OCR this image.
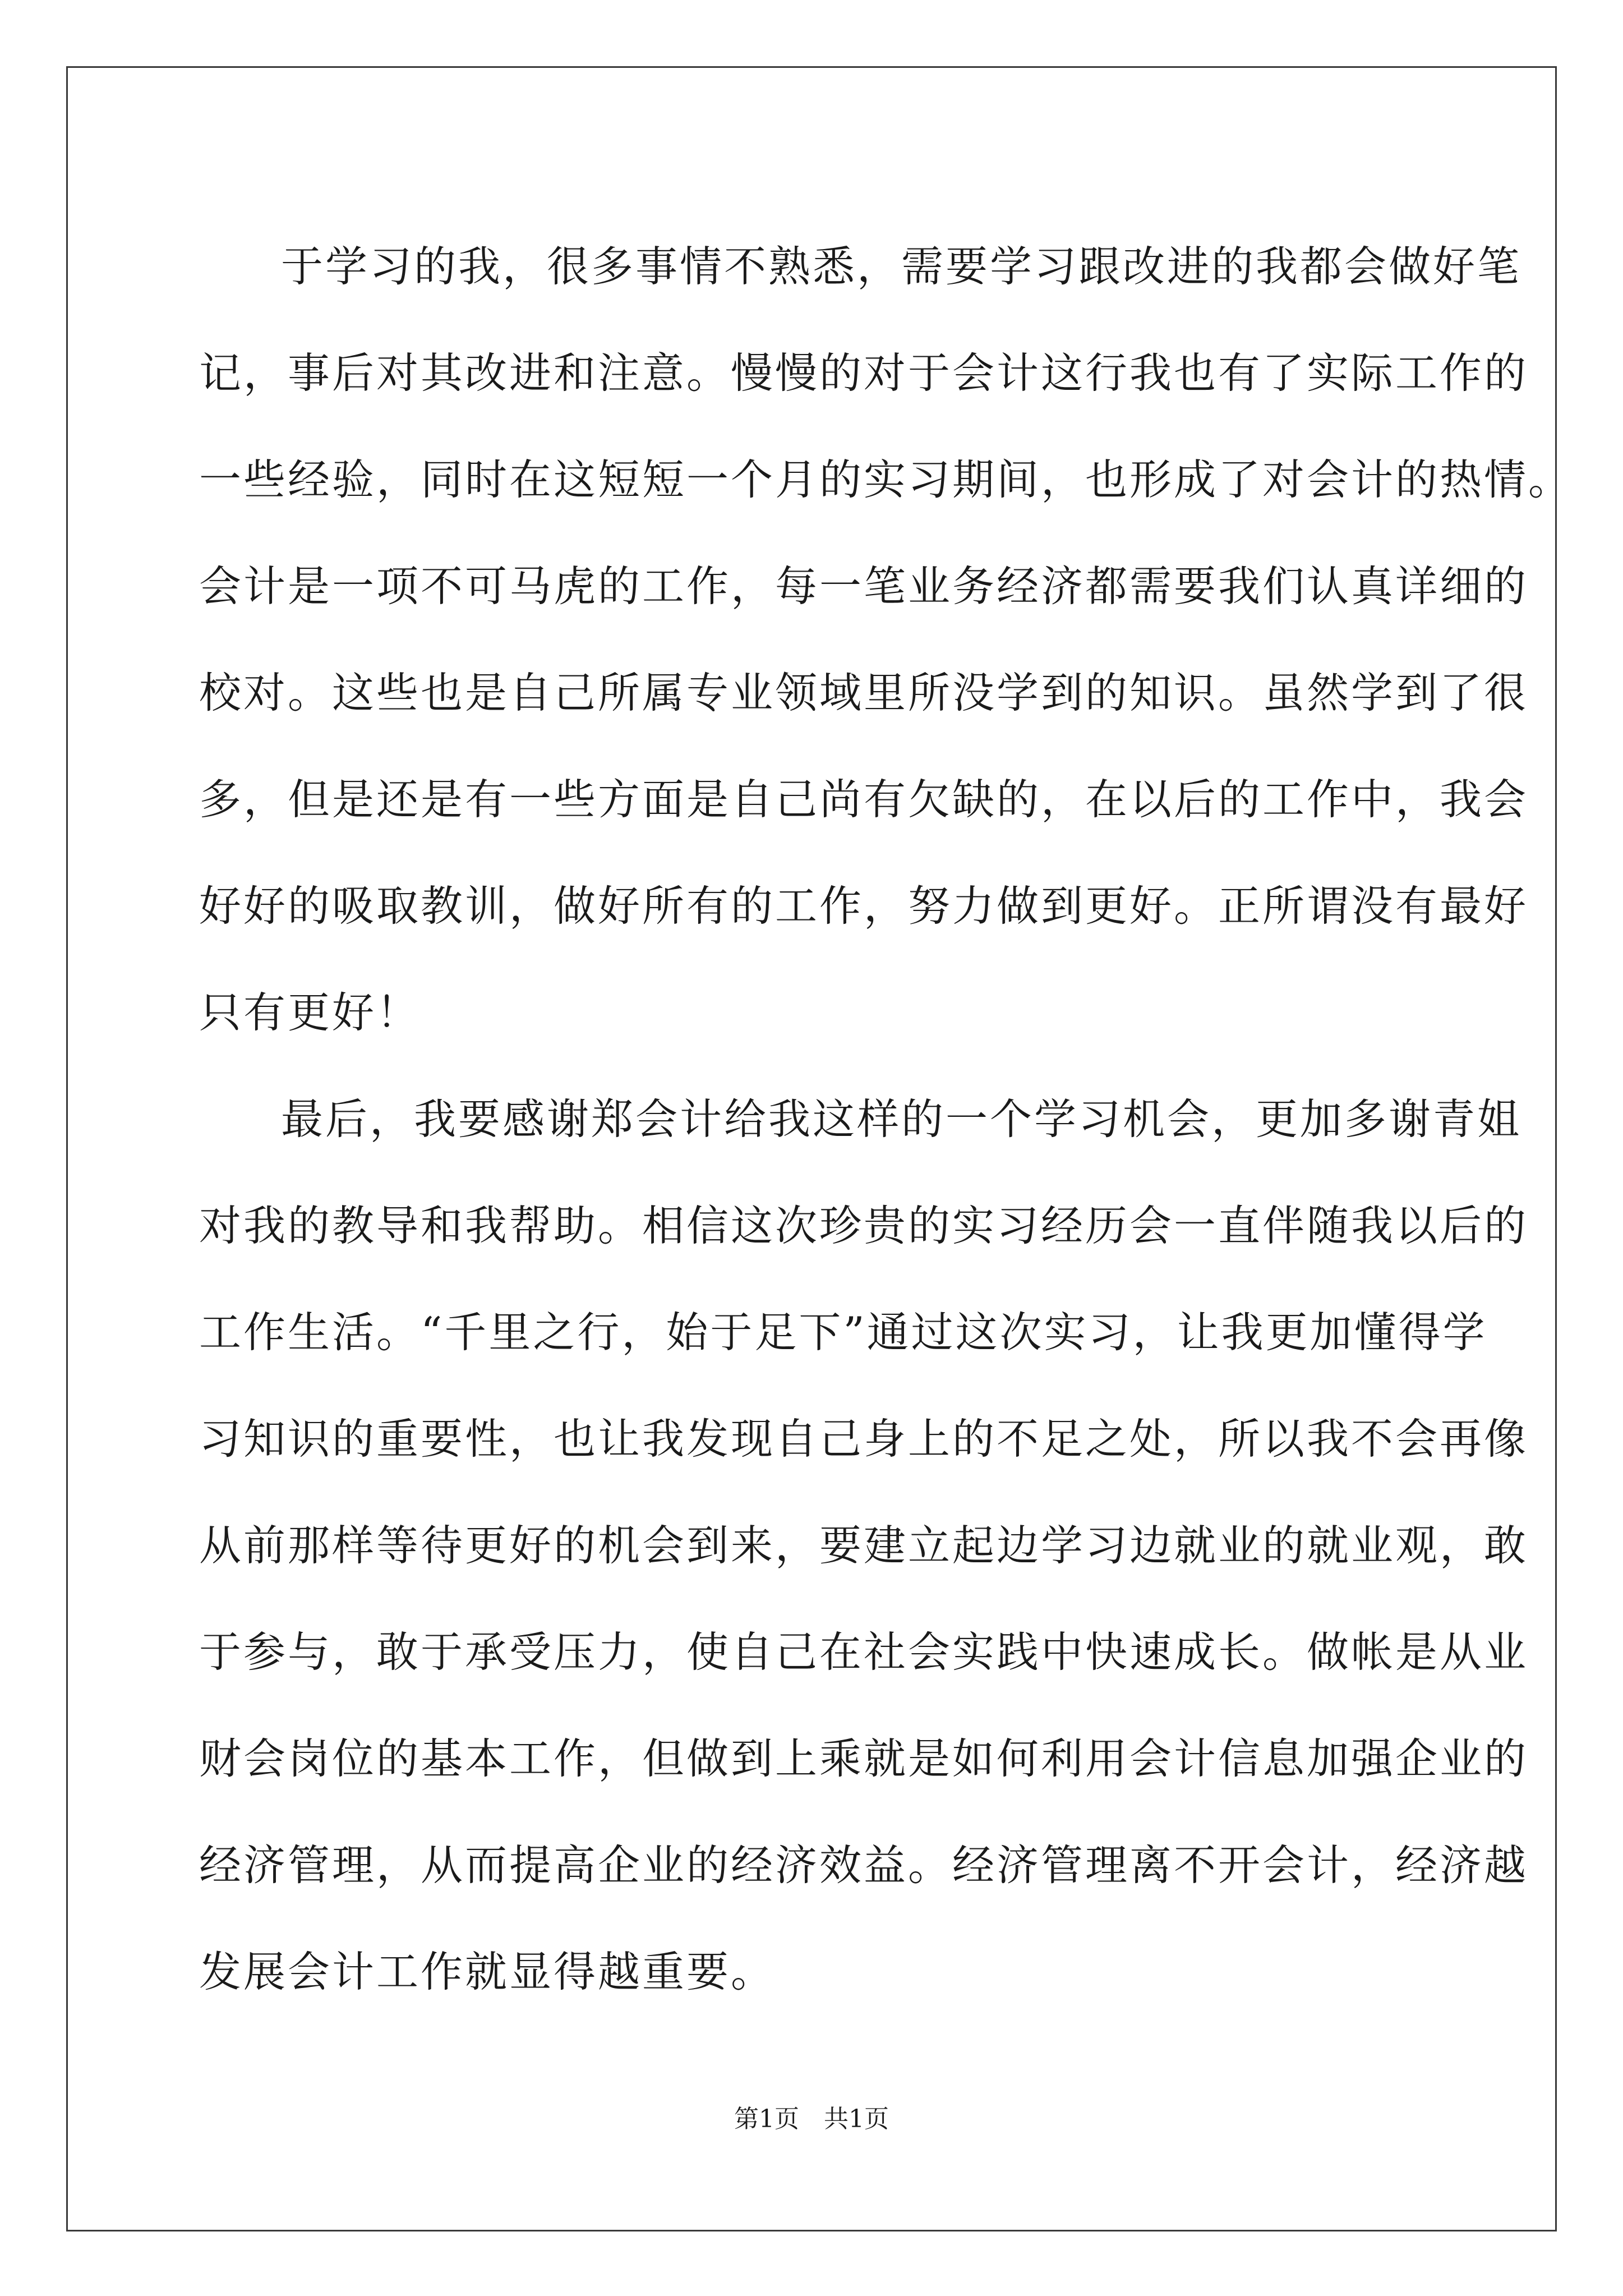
于学习的我，很多事情不熟悉，需要学习跟改进的我都会做好笔
记，事后对其改进和注意。慢慢的对于会计这行我也有了实际工作的
一些经验，同时在这短短一个月的实习期间，也形成了对会计的热情。
会计是一项不可马虎的工作，每一笔业务经济都需要我们认真详细的
校对。这些也是自己所属专业领域里所没学到的知识。虽然学到了很
多，但是还是有一些方面是自己尚有欠缺的，在以后的工作中，我会
好好的吸取教训，做好所有的工作，努力做到更好。正所谓没有最好
只有更好！
最后，我要感谢郑会计给我这样的一个学习机会，更加多谢青姐
对我的教导和我帮助。相信这次珍贵的实习经历会一直伴随我以后的
工作生活。“千里之行，始于足下”通过这次实习，让我更加懂得学
习知识的重要性，也让我发现自己身上的不足之处，所以我不会再像
从前那样等待更好的机会到来，要建立起边学习边就业的就业观，敢
于参与，敢于承受压力，使自己在社会实践中快速成长。做帐是从业
财会岗位的基本工作，但做到上乘就是如何利用会计信息加强企业的
经济管理，从而提高企业的经济效益。经济管理离不开会计，经济越
发展会计工作就显得越重要。
第1页 共1页
